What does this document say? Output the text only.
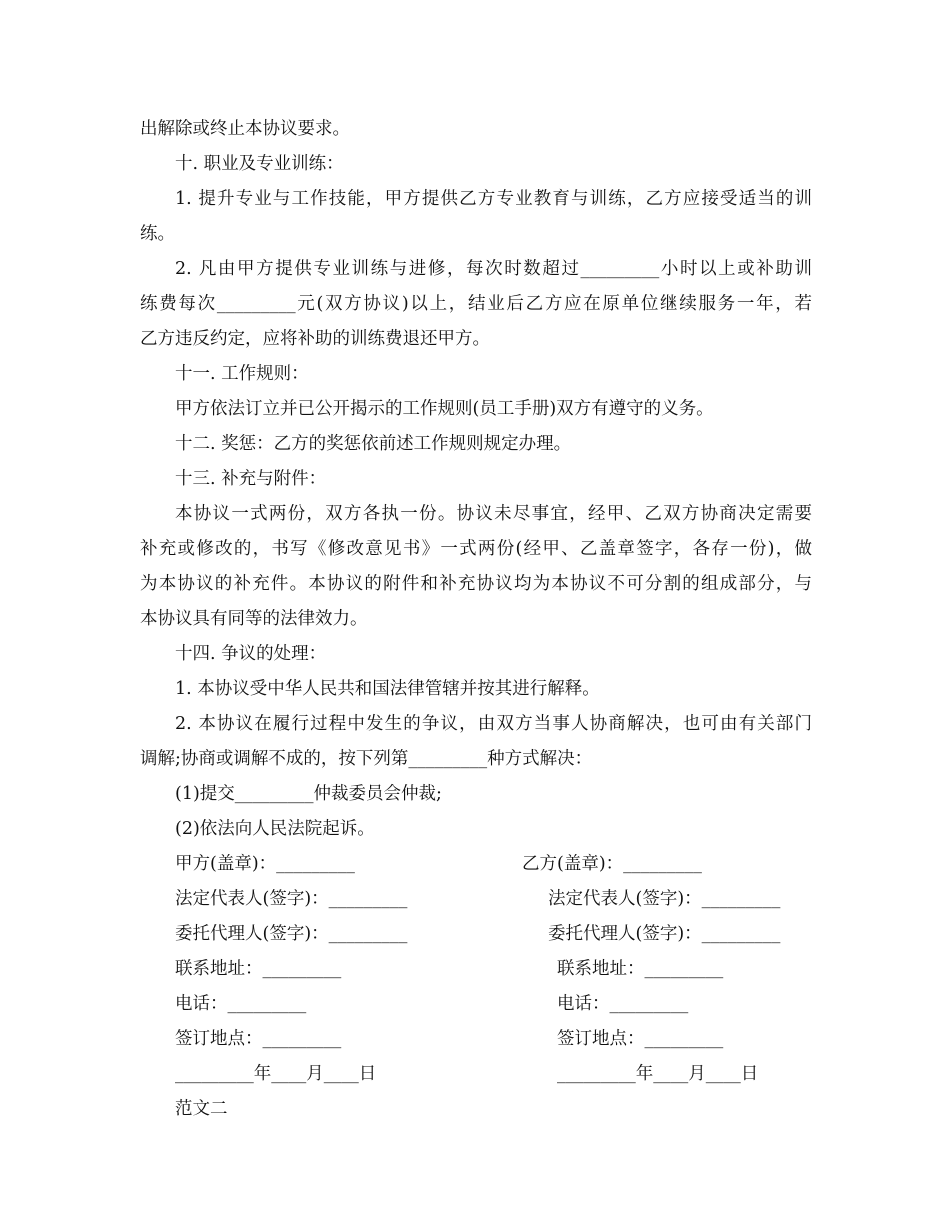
出解除或终止本协议要求。
十. 职业及专业训练：
1. 提升专业与工作技能，甲方提供乙方专业教育与训练，乙方应接受适当的训
练。
2. 凡由甲方提供专业训练与进修，每次时数超过_________小时以上或补助训
练费每次_________元(双方协议)以上，结业后乙方应在原单位继续服务一年，若
乙方违反约定，应将补助的训练费退还甲方。
十一. 工作规则：
甲方依法订立并已公开揭示的工作规则(员工手册)双方有遵守的义务。
十二. 奖惩：乙方的奖惩依前述工作规则规定办理。
十三. 补充与附件：
本协议一式两份，双方各执一份。协议未尽事宜，经甲、乙双方协商决定需要
补充或修改的，书写《修改意见书》一式两份(经甲、乙盖章签字，各存一份)，做
为本协议的补充件。本协议的附件和补充协议均为本协议不可分割的组成部分，与
本协议具有同等的法律效力。
十四. 争议的处理：
1. 本协议受中华人民共和国法律管辖并按其进行解释。
2. 本协议在履行过程中发生的争议，由双方当事人协商解决，也可由有关部门
调解;协商或调解不成的，按下列第_________种方式解决：
(1)提交_________仲裁委员会仲裁;
(2)依法向人民法院起诉。
甲方(盖章)：_________	乙方(盖章)：_________
法定代表人(签字)：_________	法定代表人(签字)：_________
委托代理人(签字)：_________	委托代理人(签字)：_________
联系地址：_________	联系地址：_________
电话：_________	电话：_________
签订地点：_________	签订地点：_________
_________年____月____日	_________年____月____日
范文二
